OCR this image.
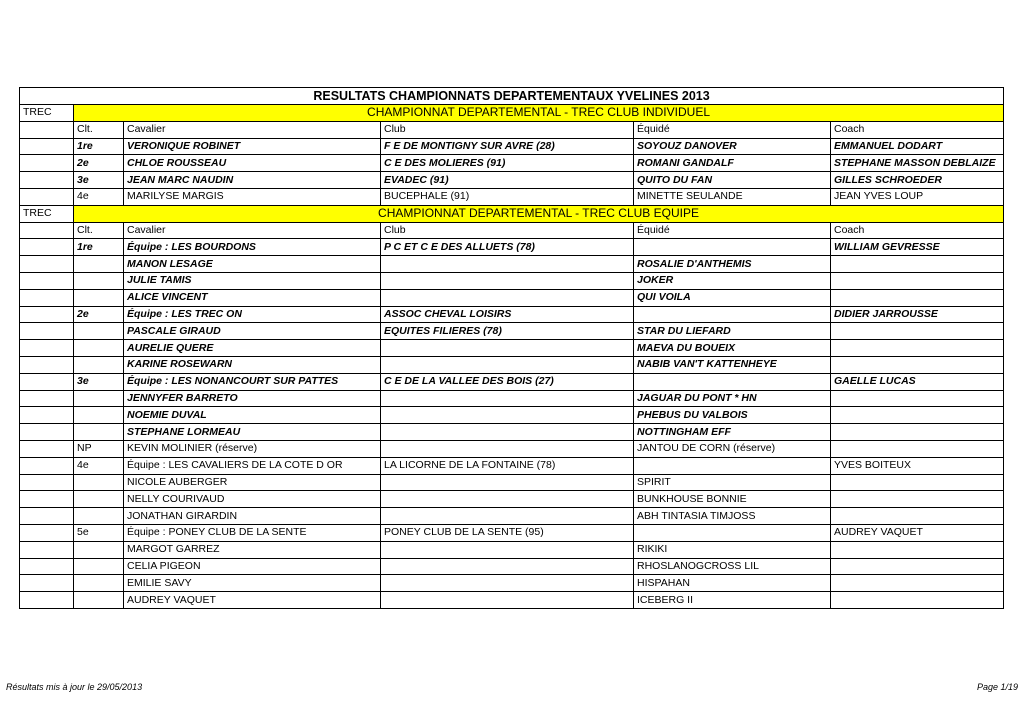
RESULTATS CHAMPIONNATS DEPARTEMENTAUX YVELINES 2013					
TREC	CHAMPIONNAT DEPARTEMENTAL - TREC CLUB INDIVIDUEL				
	Clt.	Cavalier	Club	Équidé	Coach
	1re	VERONIQUE ROBINET	F E DE MONTIGNY SUR AVRE (28)	SOYOUZ DANOVER	EMMANUEL DODART
	2e	CHLOE ROUSSEAU	C E DES MOLIERES (91)	ROMANI GANDALF	STEPHANE MASSON DEBLAIZE
	3e	JEAN MARC NAUDIN	EVADEC (91)	QUITO DU FAN	GILLES SCHROEDER
	4e	MARILYSE MARGIS	BUCEPHALE (91)	MINETTE SEULANDE	JEAN YVES LOUP
TREC	CHAMPIONNAT DEPARTEMENTAL - TREC CLUB EQUIPE				
	Clt.	Cavalier	Club	Équidé	Coach
	1re	Équipe : LES BOURDONS	P C ET C E DES ALLUETS (78)		WILLIAM GEVRESSE
		MANON LESAGE		ROSALIE D'ANTHEMIS	
		JULIE TAMIS		JOKER	
		ALICE VINCENT		QUI VOILA	
	2e	Équipe : LES TREC ON	ASSOC CHEVAL LOISIRS		DIDIER JARROUSSE
		PASCALE GIRAUD	EQUITES FILIERES (78)	STAR DU LIEFARD	
		AURELIE QUERE		MAEVA DU BOUEIX	
		KARINE ROSEWARN		NABIB VAN'T KATTENHEYE	
	3e	Équipe : LES NONANCOURT SUR PATTES	C E DE LA VALLEE DES BOIS (27)		GAELLE LUCAS
		JENNYFER BARRETO		JAGUAR DU PONT * HN	
		NOEMIE DUVAL		PHEBUS DU VALBOIS	
		STEPHANE LORMEAU		NOTTINGHAM EFF	
	NP	KEVIN MOLINIER (réserve)		JANTOU DE CORN (réserve)	
	4e	Équipe : LES CAVALIERS DE LA COTE D OR	LA LICORNE DE LA FONTAINE (78)		YVES BOITEUX
		NICOLE AUBERGER		SPIRIT	
		NELLY COURIVAUD		BUNKHOUSE BONNIE	
		JONATHAN GIRARDIN		ABH TINTASIA TIMJOSS	
	5e	Équipe : PONEY CLUB DE LA SENTE	PONEY CLUB DE LA SENTE (95)		AUDREY VAQUET
		MARGOT GARREZ		RIKIKI	
		CELIA PIGEON		RHOSLANOGCROSS LIL	
		EMILIE SAVY		HISPAHAN	
		AUDREY VAQUET		ICEBERG II	
Résultats mis à jour le 29/05/2013	Page 1/19
